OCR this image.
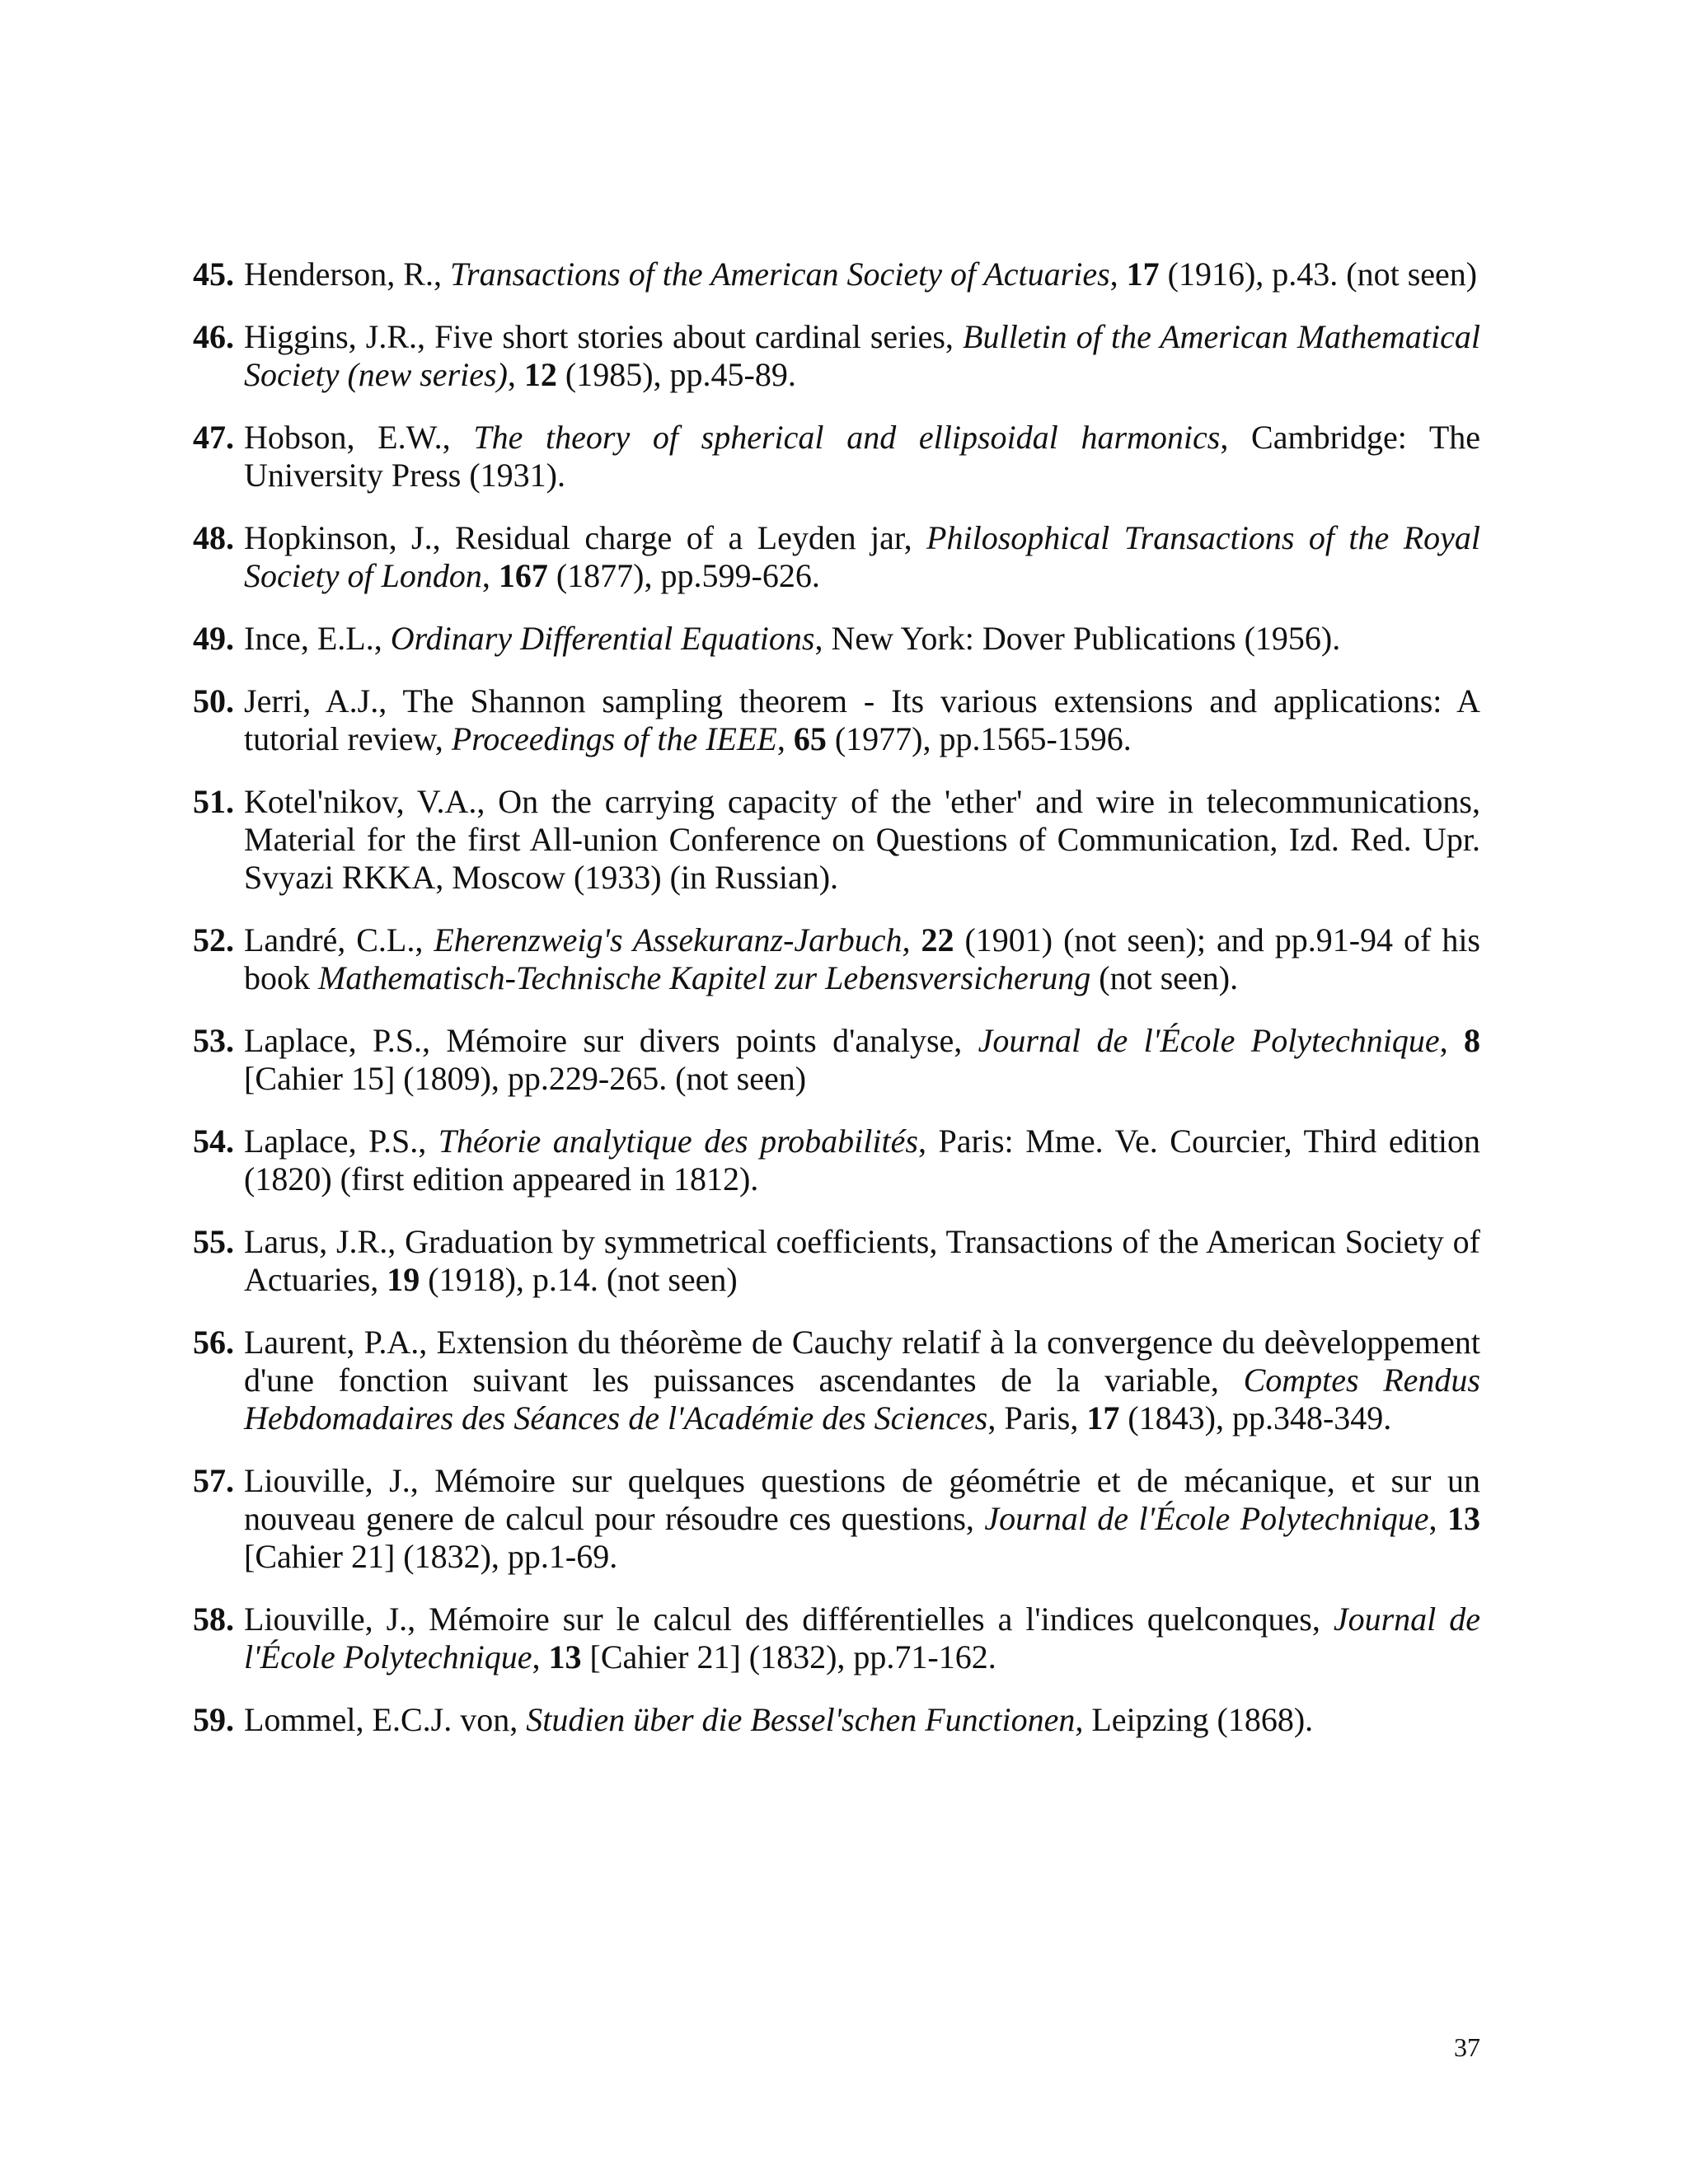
45. Henderson, R., Transactions of the American Society of Actuaries, 17 (1916), p.43. (not seen)
46. Higgins, J.R., Five short stories about cardinal series, Bulletin of the American Mathematical Society (new series), 12 (1985), pp.45-89.
47. Hobson, E.W., The theory of spherical and ellipsoidal harmonics, Cambridge: The University Press (1931).
48. Hopkinson, J., Residual charge of a Leyden jar, Philosophical Transactions of the Royal Society of London, 167 (1877), pp.599-626.
49. Ince, E.L., Ordinary Differential Equations, New York: Dover Publications (1956).
50. Jerri, A.J., The Shannon sampling theorem - Its various extensions and applications: A tutorial review, Proceedings of the IEEE, 65 (1977), pp.1565-1596.
51. Kotel'nikov, V.A., On the carrying capacity of the 'ether' and wire in telecommunications, Material for the first All-union Conference on Questions of Communication, Izd. Red. Upr. Svyazi RKKA, Moscow (1933) (in Russian).
52. Landré, C.L., Eherenzweig's Assekuranz-Jarbuch, 22 (1901) (not seen); and pp.91-94 of his book Mathematisch-Technische Kapitel zur Lebensversicherung (not seen).
53. Laplace, P.S., Mémoire sur divers points d'analyse, Journal de l'École Polytechnique, 8 [Cahier 15] (1809), pp.229-265. (not seen)
54. Laplace, P.S., Théorie analytique des probabilités, Paris: Mme. Ve. Courcier, Third edition (1820) (first edition appeared in 1812).
55. Larus, J.R., Graduation by symmetrical coefficients, Transactions of the American Society of Actuaries, 19 (1918), p.14. (not seen)
56. Laurent, P.A., Extension du théorème de Cauchy relatif à la convergence du deèveloppement d'une fonction suivant les puissances ascendantes de la variable, Comptes Rendus Hebdomadaires des Séances de l'Académie des Sciences, Paris, 17 (1843), pp.348-349.
57. Liouville, J., Mémoire sur quelques questions de géométrie et de mécanique, et sur un nouveau genere de calcul pour résoudre ces questions, Journal de l'École Polytechnique, 13 [Cahier 21] (1832), pp.1-69.
58. Liouville, J., Mémoire sur le calcul des différentielles a l'indices quelconques, Journal de l'École Polytechnique, 13 [Cahier 21] (1832), pp.71-162.
59. Lommel, E.C.J. von, Studien über die Bessel'schen Functionen, Leipzing (1868).
37
